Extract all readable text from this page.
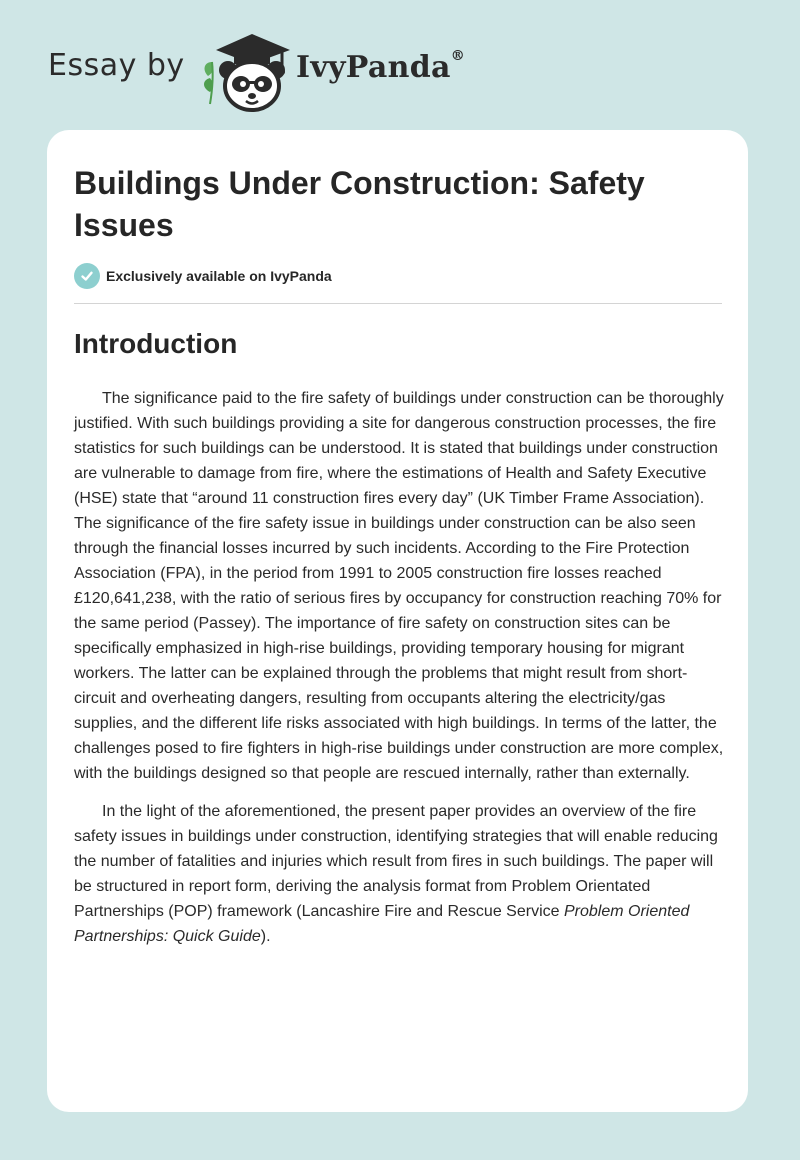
Essay by	IvyPanda®
Buildings Under Construction: Safety Issues
Exclusively available on IvyPanda
Introduction

The significance paid to the fire safety of buildings under construction can be thoroughly justified. With such buildings providing a site for dangerous construction processes, the fire statistics for such buildings can be understood. It is stated that buildings under construction are vulnerable to damage from fire, where the estimations of Health and Safety Executive (HSE) state that “around 11 construction fires every day” (UK Timber Frame Association). The significance of the fire safety issue in buildings under construction can be also seen through the financial losses incurred by such incidents. According to the Fire Protection Association (FPA), in the period from 1991 to 2005 construction fire losses reached £120,641,238, with the ratio of serious fires by occupancy for construction reaching 70% for the same period (Passey). The importance of fire safety on construction sites can be specifically emphasized in high-rise buildings, providing temporary housing for migrant workers. The latter can be explained through the problems that might result from short-circuit and overheating dangers, resulting from occupants altering the electricity/gas supplies, and the different life risks associated with high buildings. In terms of the latter, the challenges posed to fire fighters in high-rise buildings under construction are more complex, with the buildings designed so that people are rescued internally, rather than externally.

In the light of the aforementioned, the present paper provides an overview of the fire safety issues in buildings under construction, identifying strategies that will enable reducing the number of fatalities and injuries which result from fires in such buildings. The paper will be structured in report form, deriving the analysis format from Problem Orientated Partnerships (POP) framework (Lancashire Fire and Rescue Service Problem Oriented Partnerships: Quick Guide).
